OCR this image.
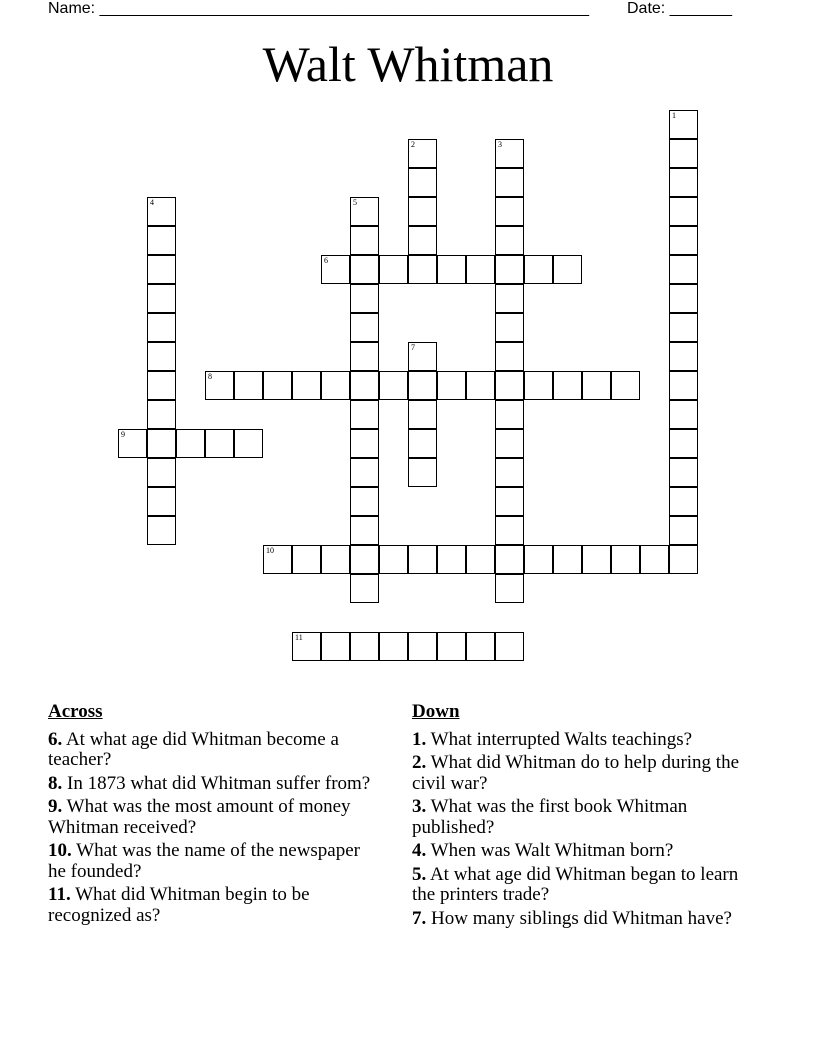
Name: _______________________________________________________ Date: _______
Walt Whitman
1
2	3
4	5
6
7
8
9
10
11
Across
6. At what age did Whitman become a teacher?
8. In 1873 what did Whitman suffer from?
9. What was the most amount of money Whitman received?
10. What was the name of the newspaper he founded?
11. What did Whitman begin to be recognized as?
Down
1. What interrupted Walts teachings?
2. What did Whitman do to help during the civil war?
3. What was the first book Whitman published?
4. When was Walt Whitman born?
5. At what age did Whitman began to learn the printers trade?
7. How many siblings did Whitman have?
